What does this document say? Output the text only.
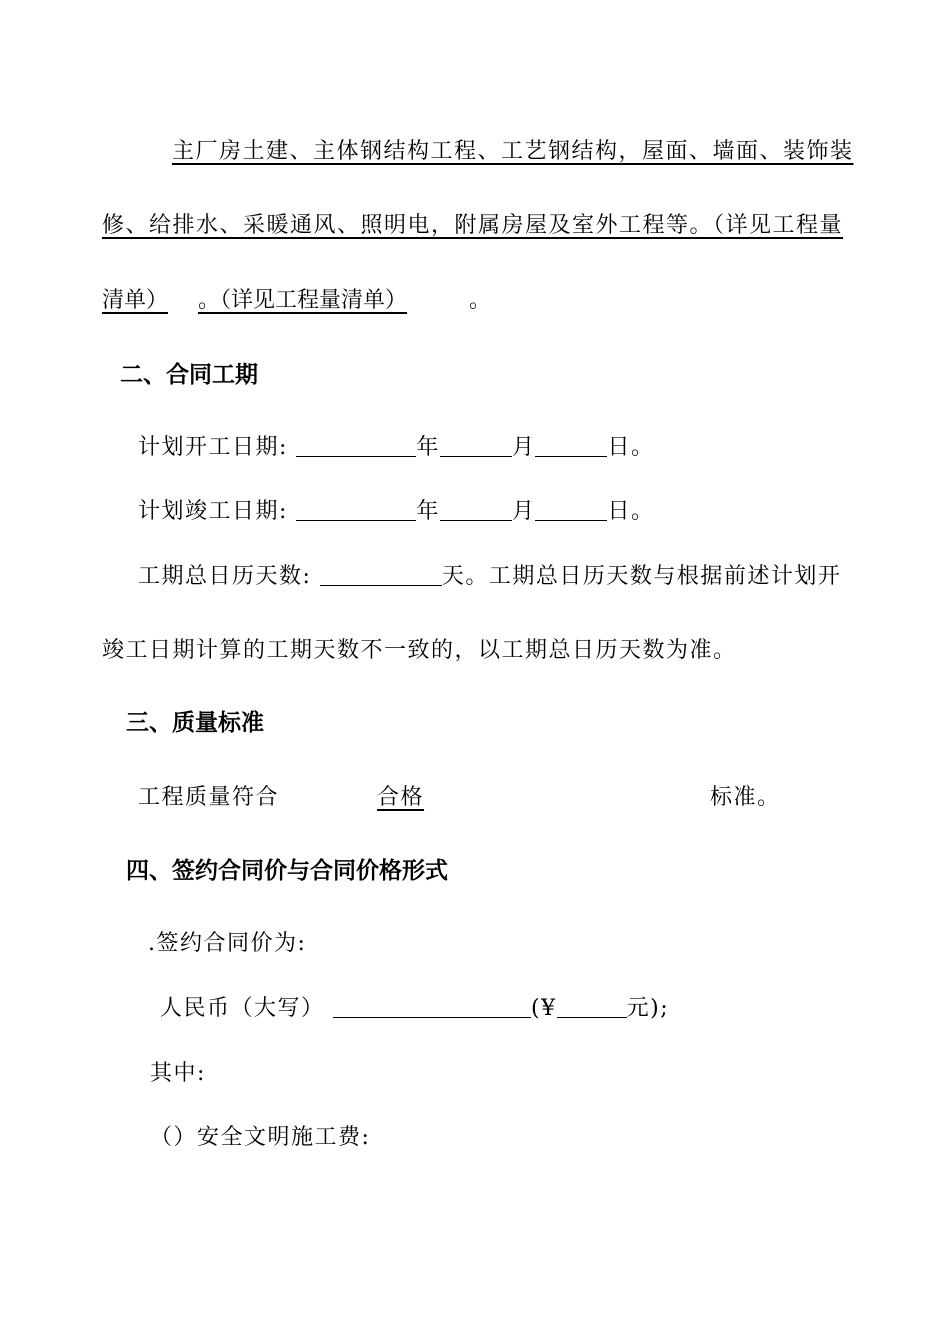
主厂房土建、主体钢结构工程、工艺钢结构，屋面、墙面、装饰装
修、给排水、采暖通风、照明电，附属房屋及室外工程等。（详见工程量
清单） 。（详见工程量清单）	。
二、合同工期
计划开工日期:	年	月	日。
计划竣工日期:	年	月	日。
工期总日历天数:	天。工期总日历天数与根据前述计划开
竣工日期计算的工期天数不一致的，以工期总日历天数为准。
三、质量标准
工程质量符合	合格	标准。
四、签约合同价与合同价格形式
.签约合同价为:
人民币（大写）	(¥	元);
其中:
（）安全文明施工费:
